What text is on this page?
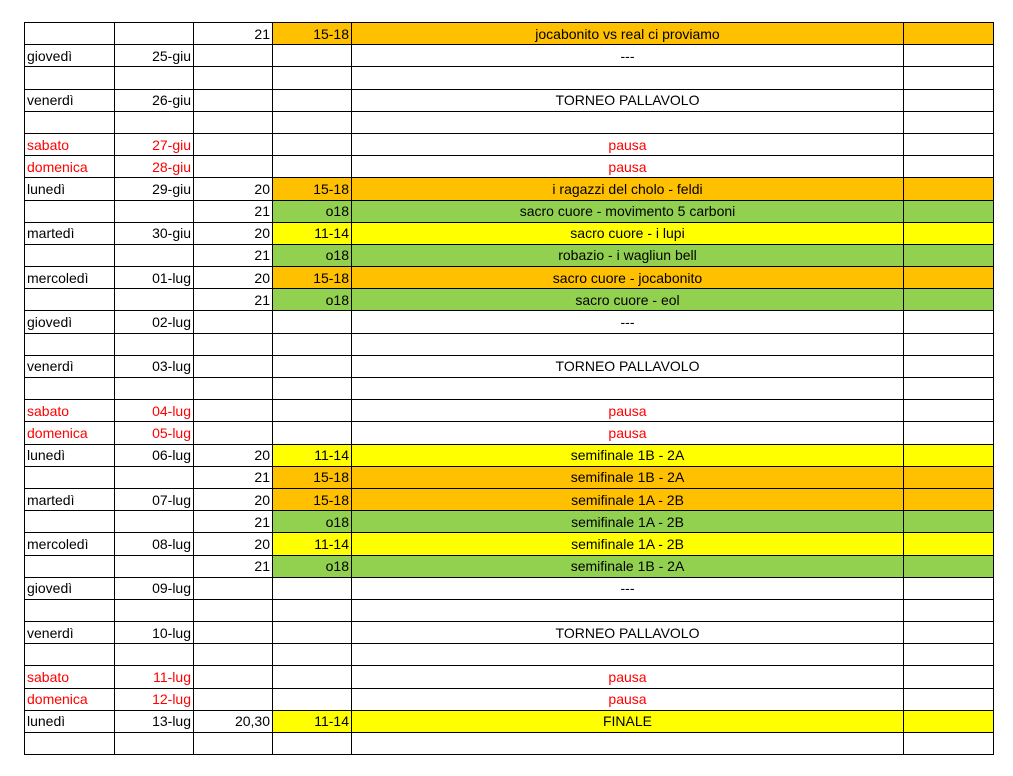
		21	15-18	jocabonito vs real ci proviamo	
giovedì	25-giu			---	

venerdì	26-giu			TORNEO PALLAVOLO	

sabato	27-giu			pausa	
domenica	28-giu			pausa	
lunedì	29-giu	20	15-18	i ragazzi del cholo - feldi	
		21	o18	sacro cuore - movimento 5 carboni	
martedì	30-giu	20	11-14	sacro cuore - i lupi	
		21	o18	robazio - i wagliun bell	
mercoledì	01-lug	20	15-18	sacro cuore - jocabonito	
		21	o18	sacro cuore - eol	
giovedì	02-lug			---	

venerdì	03-lug			TORNEO PALLAVOLO	

sabato	04-lug			pausa	
domenica	05-lug			pausa	
lunedì	06-lug	20	11-14	semifinale 1B - 2A	
		21	15-18	semifinale 1B - 2A	
martedì	07-lug	20	15-18	semifinale 1A - 2B	
		21	o18	semifinale 1A - 2B	
mercoledì	08-lug	20	11-14	semifinale 1A - 2B	
		21	o18	semifinale 1B - 2A	
giovedì	09-lug			---	

venerdì	10-lug			TORNEO PALLAVOLO	

sabato	11-lug			pausa	
domenica	12-lug			pausa	
lunedì	13-lug	20,30	11-14	FINALE	
